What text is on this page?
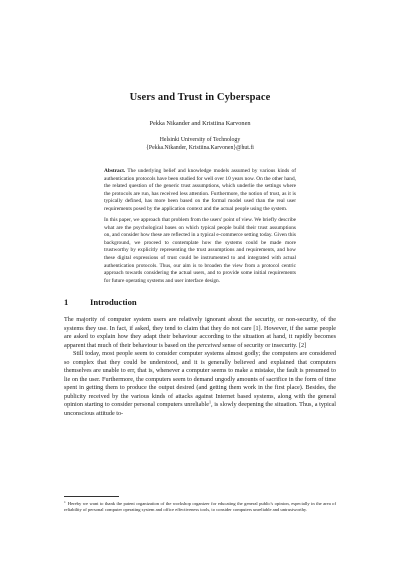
Users and Trust in Cyberspace
Pekka Nikander and Kristiina Karvonen
Helsinki University of Technology
{Pekka.Nikander, Kristiina.Karvonen}@hut.fi

Abstract. The underlying belief and knowledge models assumed by various kinds of authentication protocols have been studied for well over 10 years now. On the other hand, the related question of the generic trust assumptions, which underlie the settings where the protocols are run, has received less attention. Furthermore, the notion of trust, as it is typically defined, has more been based on the formal model used than the real user requirements posed by the application context and the actual people using the system.

In this paper, we approach that problem from the users' point of view. We briefly describe what are the psychological bases on which typical people build their trust assumptions on, and consider how these are reflected in a typical e-commerce setting today. Given this background, we proceed to contemplate how the systems could be made more trustworthy by explicitly representing the trust assumptions and requirements, and how these digital expressions of trust could be instrumented to and integrated with actual authentication protocols. Thus, our aim is to broaden the view from a protocol centric approach towards considering the actual users, and to provide some initial requirements for future operating systems and user interface design.

1	Introduction

The majority of computer system users are relatively ignorant about the security, or non-security, of the systems they use. In fact, if asked, they tend to claim that they do not care [1]. However, if the same people are asked to explain how they adapt their behaviour according to the situation at hand, it rapidly becomes apparent that much of their behaviour is based on the perceived sense of security or insecurity. [2]

Still today, most people seem to consider computer systems almost godly; the computers are considered so complex that they could be understood, and it is generally believed and explained that computers themselves are unable to err, that is, whenever a computer seems to make a mistake, the fault is presumed to lie on the user. Furthermore, the computers seem to demand ungodly amounts of sacrifice in the form of time spent in getting them to produce the output desired (and getting them work in the first place). Besides, the publicity received by the various kinds of attacks against Internet based systems, along with the general opinion starting to consider personal computers unreliable$^1$, is slowly deepening the situation. Thus, a typical unconscious attitude to-

$^1$ Hereby we want to thank the patent organization of the workshop organizer for educating the general public's opinion, especially in the area of reliability of personal computer operating system and office effectiveness tools, to consider computers unreliable and untrustworthy.
